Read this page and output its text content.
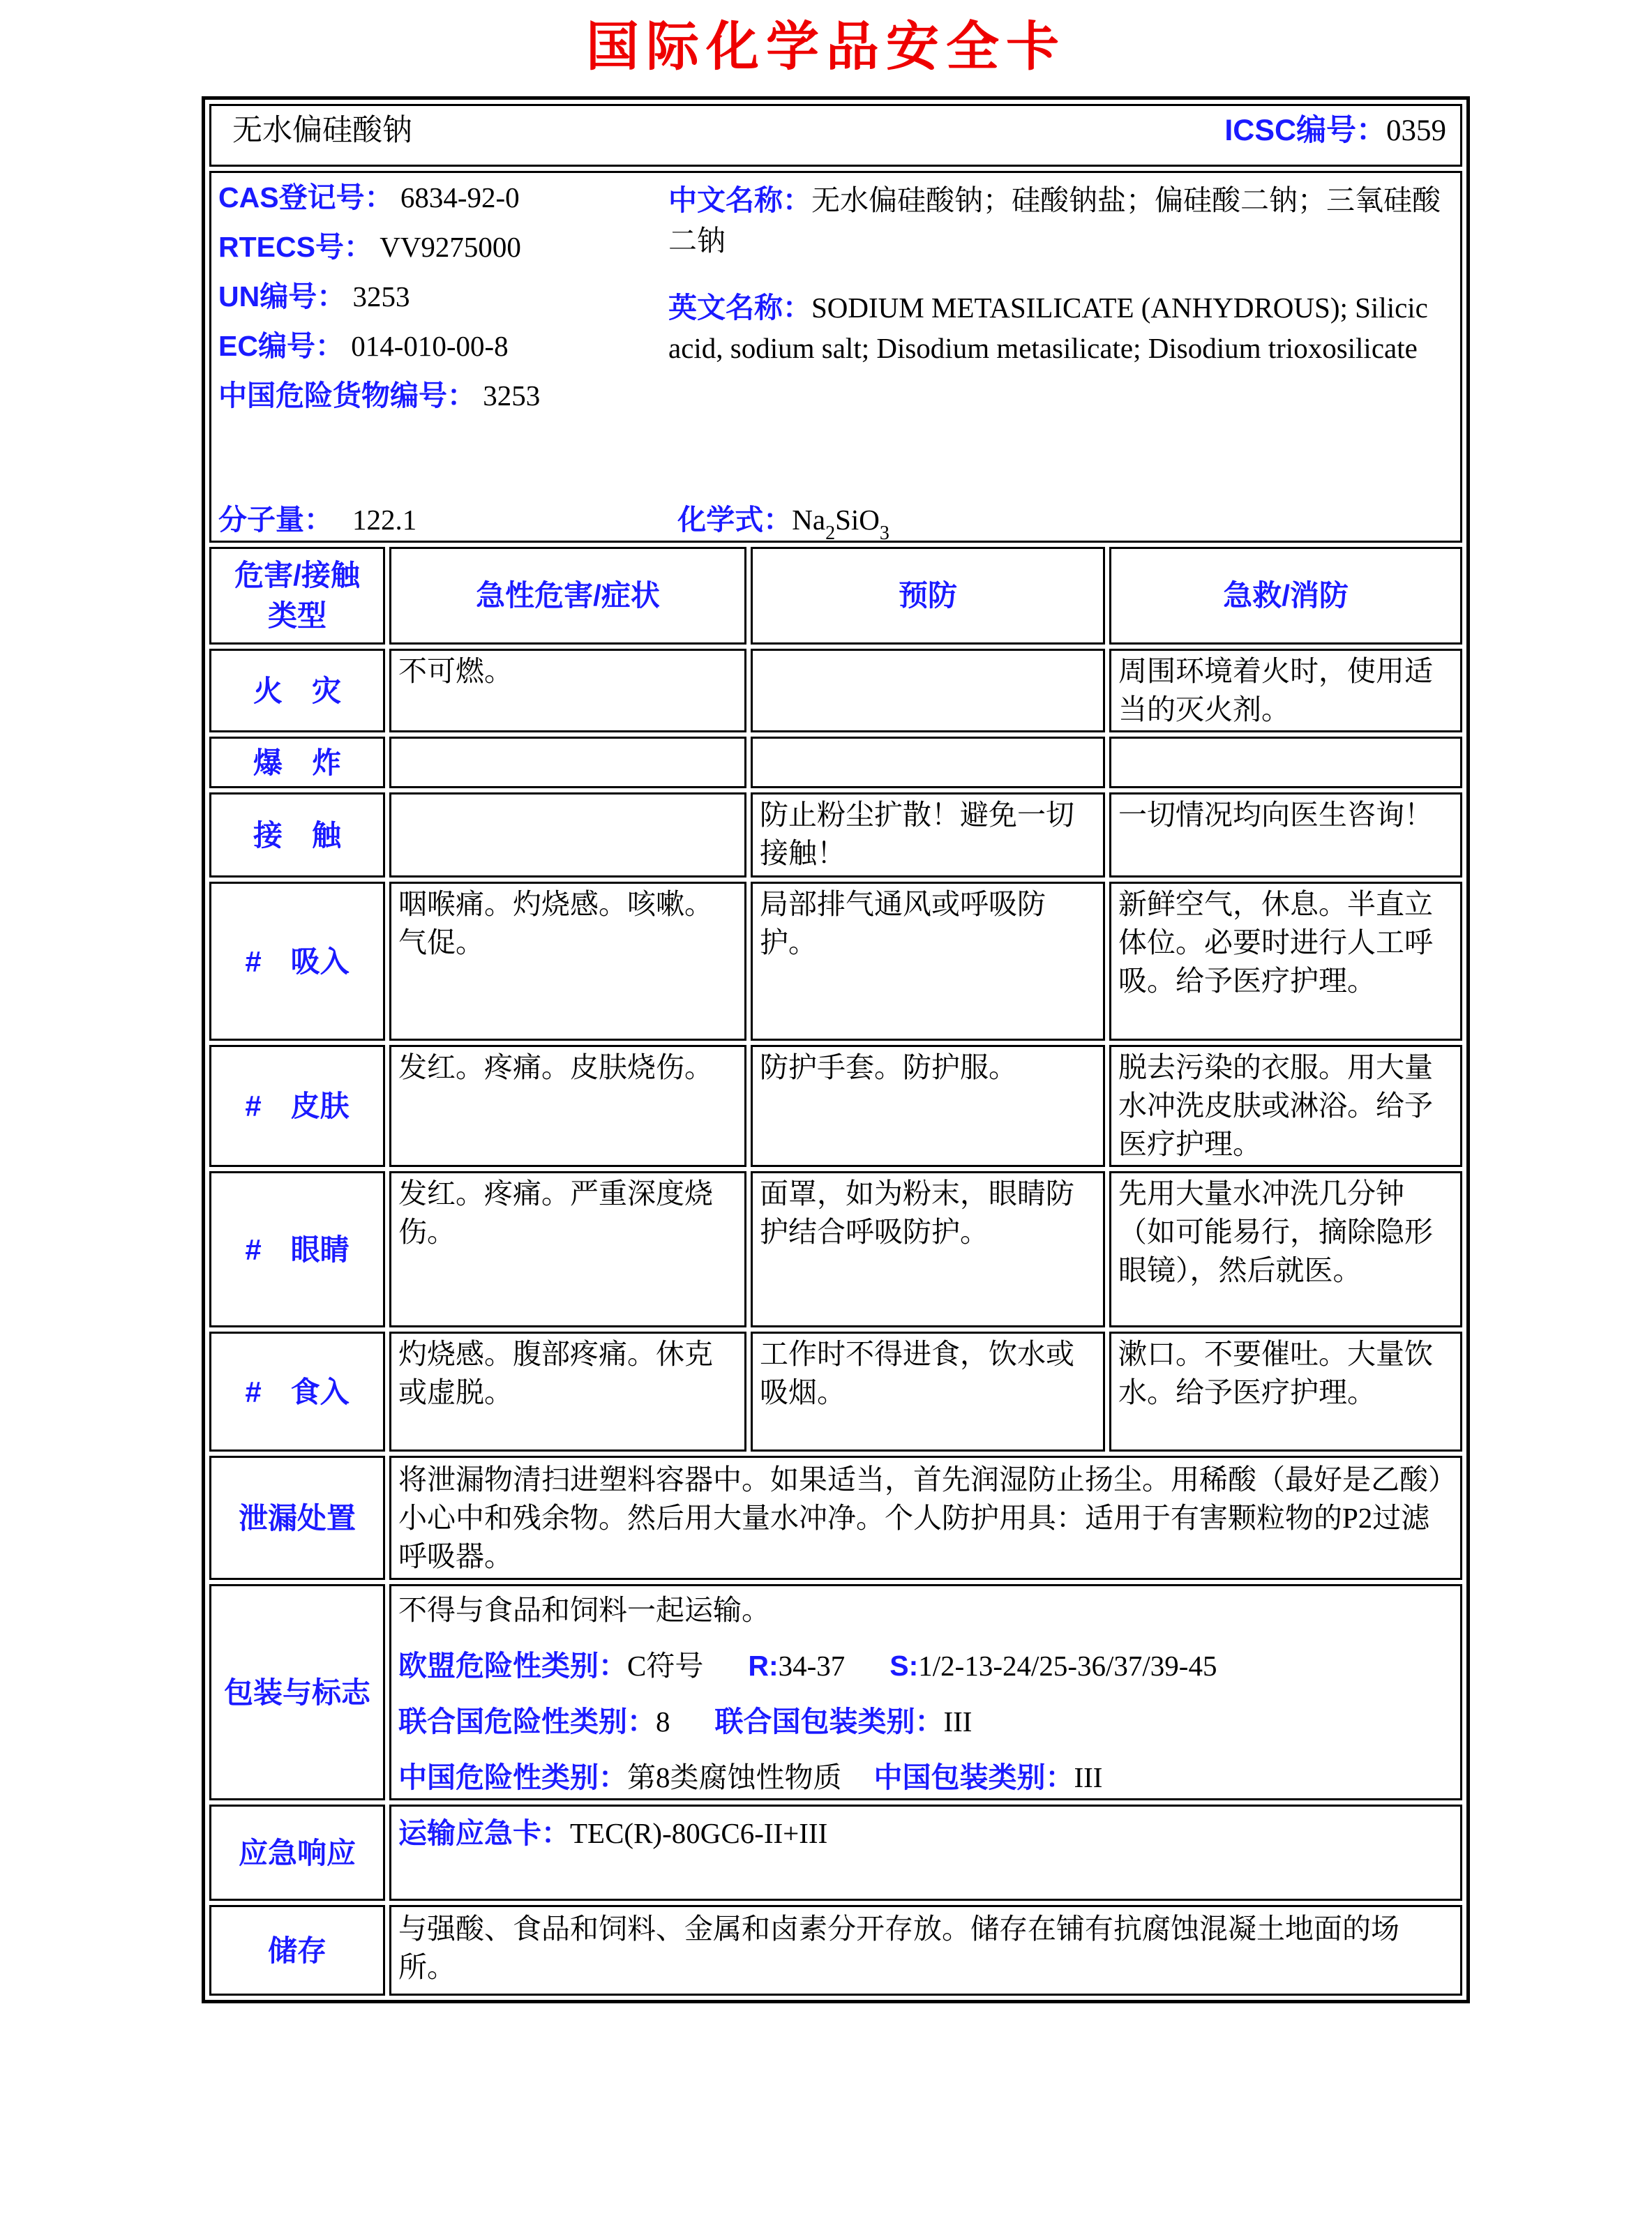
国际化学品安全卡
无水偏硅酸钠 ICSC编号：0359			

CAS登记号： 6834-92-0
RTECS号： VV9275000
UN编号： 3253
EC编号： 014-010-00-8
中国危险货物编号： 3253
中文名称：无水偏硅酸钠；硅酸钠盐；偏硅酸二钠；三氧硅酸二钠
英文名称：SODIUM METASILICATE (ANHYDROUS); Silicic acid, sodium salt; Disodium metasilicate; Disodium trioxosilicate
分子量： 122.1	化学式：$Na_2SiO_3$

危害/接触
类型	急性危害/症状	预防	急救/消防
火　灾	不可燃。		周围环境着火时，使用适当的灭火剂。
爆　炸			
接　触		防止粉尘扩散！避免一切接触！	一切情况均向医生咨询！
#　吸入	咽喉痛。灼烧感。咳嗽。气促。	局部排气通风或呼吸防护。	新鲜空气，休息。半直立体位。必要时进行人工呼吸。给予医疗护理。
#　皮肤	发红。疼痛。皮肤烧伤。	防护手套。防护服。	脱去污染的衣服。用大量水冲洗皮肤或淋浴。给予医疗护理。
#　眼睛	发红。疼痛。严重深度烧伤。	面罩，如为粉末，眼睛防护结合呼吸防护。	先用大量水冲洗几分钟（如可能易行，摘除隐形眼镜），然后就医。
#　食入	灼烧感。腹部疼痛。休克或虚脱。	工作时不得进食，饮水或吸烟。	漱口。不要催吐。大量饮水。给予医疗护理。
泄漏处置	将泄漏物清扫进塑料容器中。如果适当，首先润湿防止扬尘。用稀酸（最好是乙酸）小心中和残余物。然后用大量水冲净。个人防护用具：适用于有害颗粒物的P2过滤呼吸器。		
包装与标志	不得与食品和饲料一起运输。
欧盟危险性类别：C符号 R:34-37 S:1/2-13-24/25-36/37/39-45
联合国危险性类别：8 联合国包装类别：III
中国危险性类别：第8类腐蚀性物质 中国包装类别：III		

应急响应	运输应急卡：TEC(R)-80GC6-II+III		

储存	与强酸、食品和饲料、金属和卤素分开存放。储存在铺有抗腐蚀混凝土地面的场所。		
